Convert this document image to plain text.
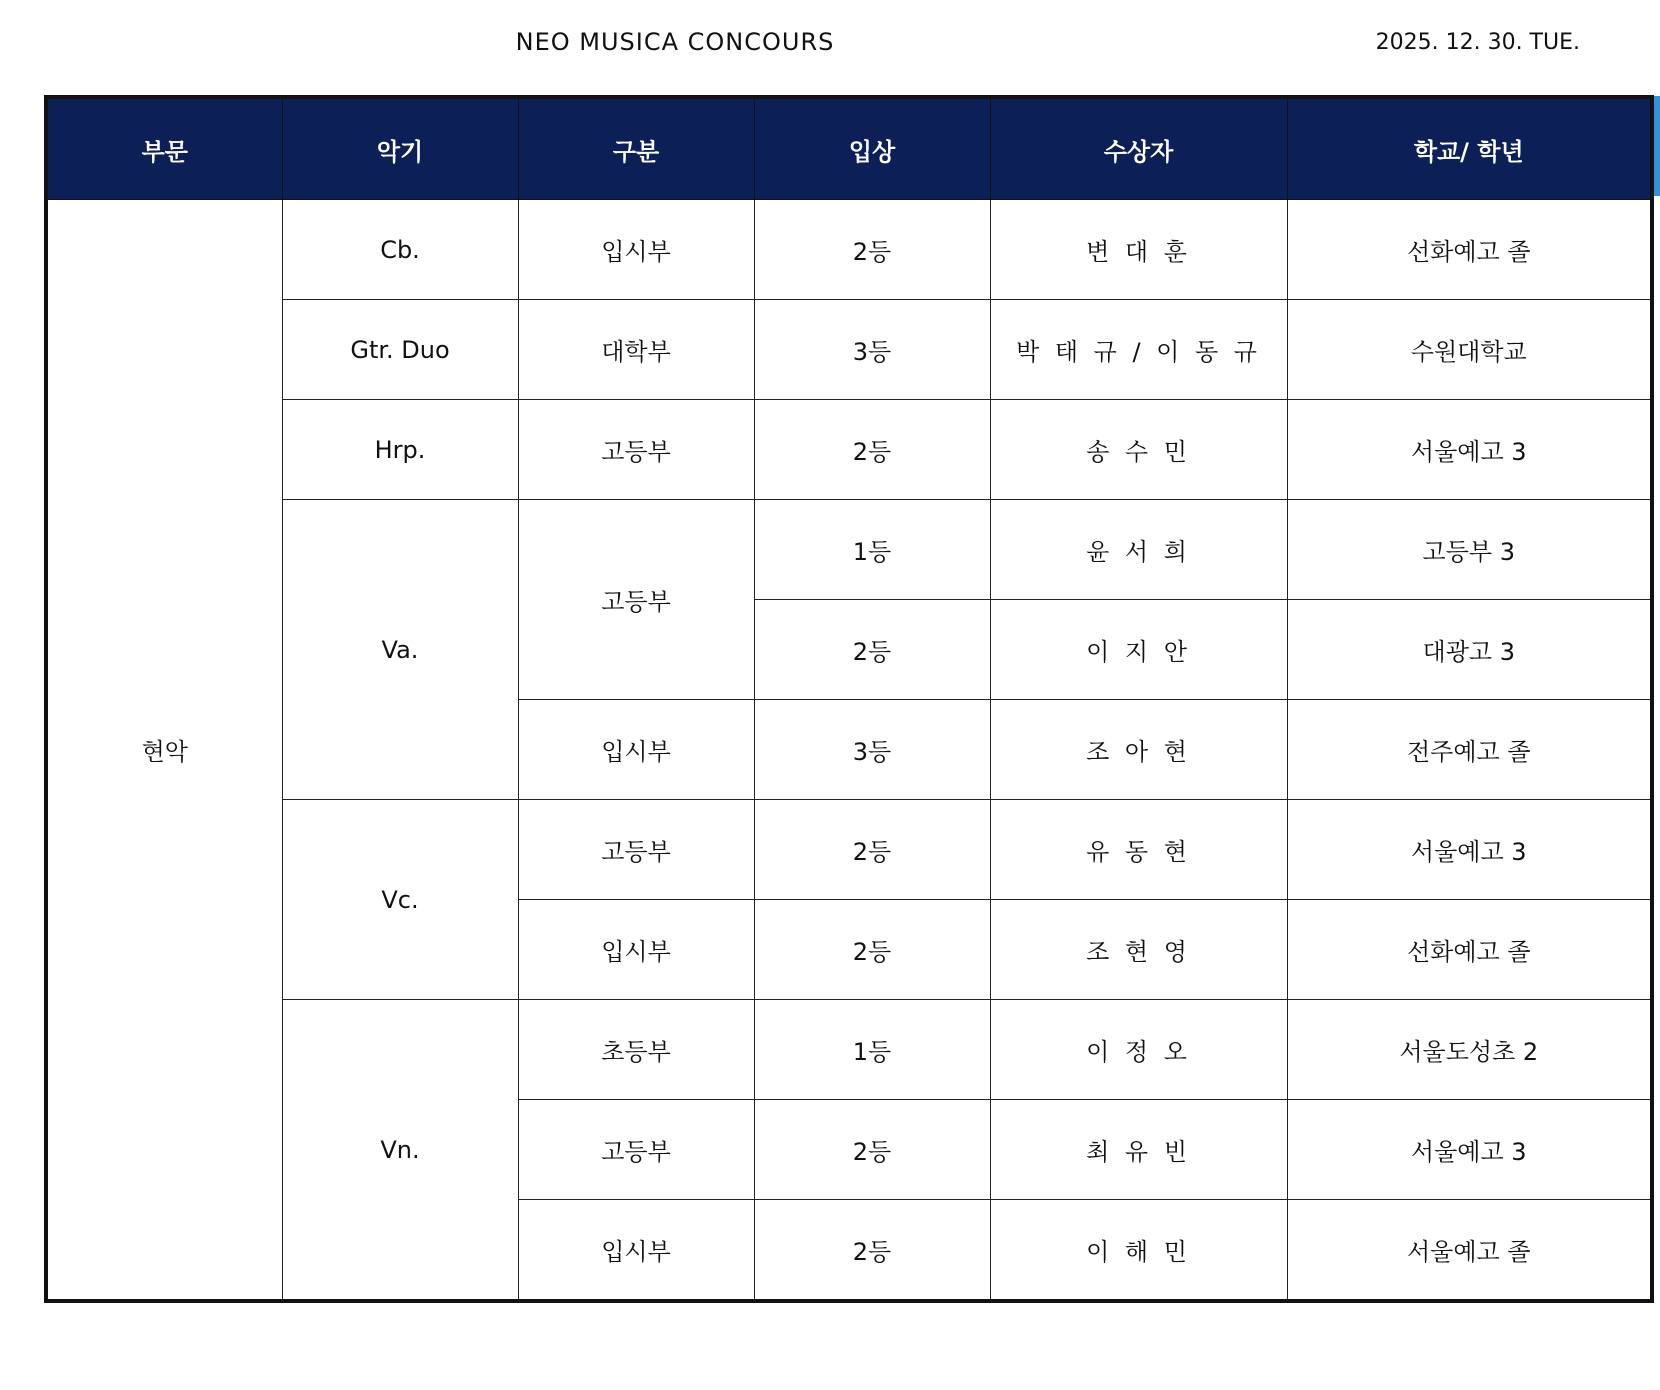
NEO MUSICA CONCOURS	2025. 12. 30. TUE.
부문	악기	구분	입상	수상자	학교/ 학년
현악	Cb.	입시부	2등	변 대 훈	선화예고 졸
	Gtr. Duo	대학부	3등	박 태 규 / 이 동 규	수원대학교
	Hrp.	고등부	2등	송 수 민	서울예고 3
	Va.	고등부	1등	윤 서 희	고등부 3
			2등	이 지 안	대광고 3
		입시부	3등	조 아 현	전주예고 졸
	Vc.	고등부	2등	유 동 현	서울예고 3
		입시부	2등	조 현 영	선화예고 졸
	Vn.	초등부	1등	이 정 오	서울도성초 2
		고등부	2등	최 유 빈	서울예고 3
		입시부	2등	이 해 민	서울예고 졸
